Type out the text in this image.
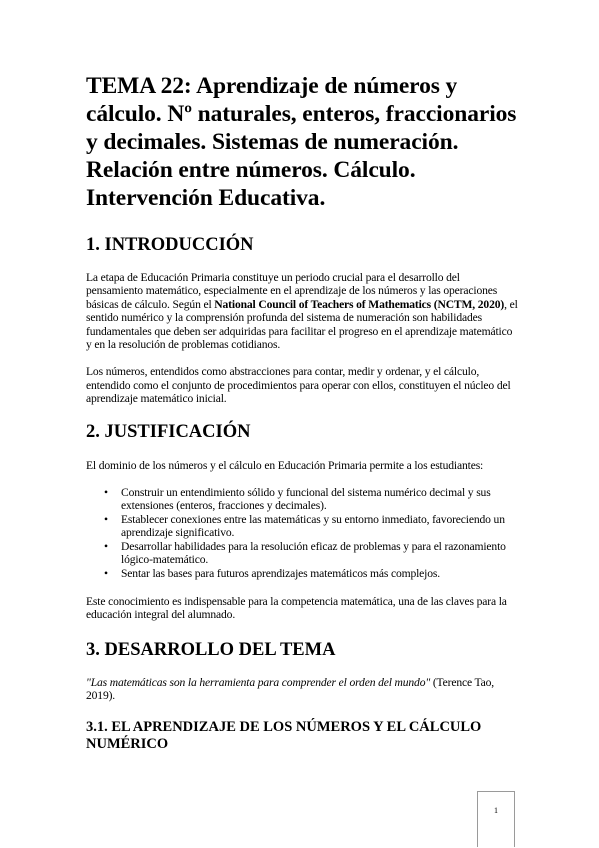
TEMA 22: Aprendizaje de números y cálculo. Nº naturales, enteros, fraccionarios y decimales. Sistemas de numeración. Relación entre números. Cálculo. Intervención Educativa.
1. INTRODUCCIÓN

La etapa de Educación Primaria constituye un periodo crucial para el desarrollo del pensamiento matemático, especialmente en el aprendizaje de los números y las operaciones básicas de cálculo. Según el National Council of Teachers of Mathematics (NCTM, 2020), el sentido numérico y la comprensión profunda del sistema de numeración son habilidades fundamentales que deben ser adquiridas para facilitar el progreso en el aprendizaje matemático y en la resolución de problemas cotidianos.

Los números, entendidos como abstracciones para contar, medir y ordenar, y el cálculo, entendido como el conjunto de procedimientos para operar con ellos, constituyen el núcleo del aprendizaje matemático inicial.

2. JUSTIFICACIÓN

El dominio de los números y el cálculo en Educación Primaria permite a los estudiantes:

• Construir un entendimiento sólido y funcional del sistema numérico decimal y sus extensiones (enteros, fracciones y decimales).
• Establecer conexiones entre las matemáticas y su entorno inmediato, favoreciendo un aprendizaje significativo.
• Desarrollar habilidades para la resolución eficaz de problemas y para el razonamiento lógico-matemático.
• Sentar las bases para futuros aprendizajes matemáticos más complejos.

Este conocimiento es indispensable para la competencia matemática, una de las claves para la educación integral del alumnado.

3. DESARROLLO DEL TEMA

"Las matemáticas son la herramienta para comprender el orden del mundo" (Terence Tao, 2019).

3.1. EL APRENDIZAJE DE LOS NÚMEROS Y EL CÁLCULO NUMÉRICO
1
